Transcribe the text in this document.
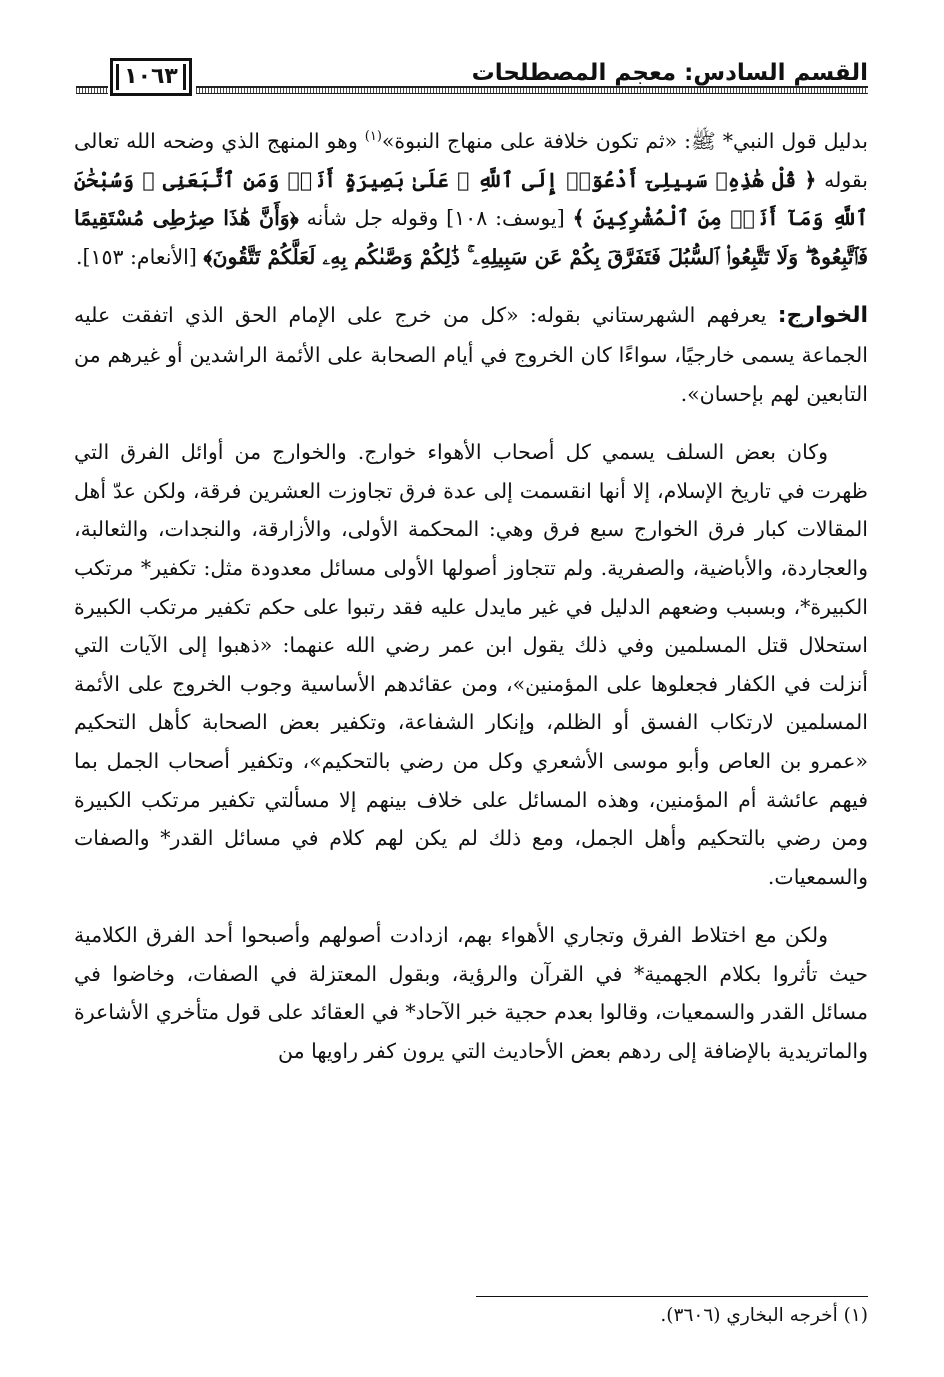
١٠٦٣	القسم السادس: معجم المصطلحات

بدليل قول النبي* ﷺ: «ثم تكون خلافة على منهاج النبوة»$^{(١)}$ وهو المنهج الذي وضحه الله تعالى بقوله ﴿ قُلْ هَٰذِهِۦ سَبِيلِىٓ أَدْعُوٓا۟ إِلَى ٱللَّهِ ۚ عَلَىٰ بَصِيرَةٍ أَنَا۠ وَمَنِ ٱتَّبَعَنِى ۖ وَسُبْحَٰنَ ٱللَّهِ وَمَآ أَنَا۠ مِنَ ٱلْمُشْرِكِينَ ﴾ [يوسف: ١٠٨] وقوله جل شأنه ﴿وَأَنَّ هَٰذَا صِرَٰطِى مُسْتَقِيمًا فَٱتَّبِعُوهُ ۖ وَلَا تَتَّبِعُوا۟ ٱلسُّبُلَ فَتَفَرَّقَ بِكُمْ عَن سَبِيلِهِۦ ۚ ذَٰلِكُمْ وَصَّىٰكُم بِهِۦ لَعَلَّكُمْ تَتَّقُونَ﴾ [الأنعام: ١٥٣].

الخوارج: يعرفهم الشهرستاني بقوله: «كل من خرج على الإمام الحق الذي اتفقت عليه الجماعة يسمى خارجيًا، سواءًا كان الخروج في أيام الصحابة على الأئمة الراشدين أو غيرهم من التابعين لهم بإحسان».

وكان بعض السلف يسمي كل أصحاب الأهواء خوارج. والخوارج من أوائل الفرق التي ظهرت في تاريخ الإسلام، إلا أنها انقسمت إلى عدة فرق تجاوزت العشرين فرقة، ولكن عدّ أهل المقالات كبار فرق الخوارج سبع فرق وهي: المحكمة الأولى، والأزارقة، والنجدات، والثعالبة، والعجاردة، والأباضية، والصفرية. ولم تتجاوز أصولها الأولى مسائل معدودة مثل: تكفير* مرتكب الكبيرة*، وبسبب وضعهم الدليل في غير مايدل عليه فقد رتبوا على حكم تكفير مرتكب الكبيرة استحلال قتل المسلمين وفي ذلك يقول ابن عمر رضي الله عنهما: «ذهبوا إلى الآيات التي أنزلت في الكفار فجعلوها على المؤمنين»، ومن عقائدهم الأساسية وجوب الخروج على الأئمة المسلمين لارتكاب الفسق أو الظلم، وإنكار الشفاعة، وتكفير بعض الصحابة كأهل التحكيم «عمرو بن العاص وأبو موسى الأشعري وكل من رضي بالتحكيم»، وتكفير أصحاب الجمل بما فيهم عائشة أم المؤمنين، وهذه المسائل على خلاف بينهم إلا مسألتي تكفير مرتكب الكبيرة ومن رضي بالتحكيم وأهل الجمل، ومع ذلك لم يكن لهم كلام في مسائل القدر* والصفات والسمعيات.

ولكن مع اختلاط الفرق وتجاري الأهواء بهم، ازدادت أصولهم وأصبحوا أحد الفرق الكلامية حيث تأثروا بكلام الجهمية* في القرآن والرؤية، وبقول المعتزلة في الصفات، وخاضوا في مسائل القدر والسمعيات، وقالوا بعدم حجية خبر الآحاد* في العقائد على قول متأخري الأشاعرة والماتريدية بالإضافة إلى ردهم بعض الأحاديث التي يرون كفر راويها من

(١) أخرجه البخاري (٣٦٠٦).
